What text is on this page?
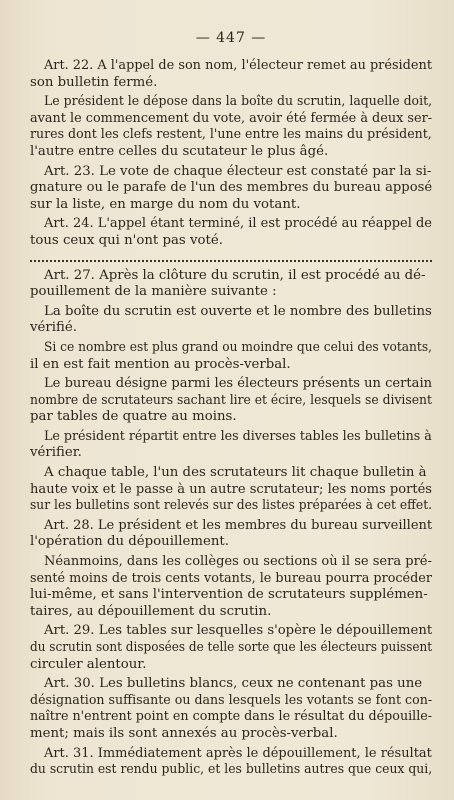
— 447 —
Art. 22. A l'appel de son nom, l'électeur remet au président
son bulletin fermé.
Le président le dépose dans la boîte du scrutin, laquelle doit,
avant le commencement du vote, avoir été fermée à deux ser-
rures dont les clefs restent, l'une entre les mains du président,
l'autre entre celles du scutateur le plus âgé.
Art. 23. Le vote de chaque électeur est constaté par la si-
gnature ou le parafe de l'un des membres du bureau apposé
sur la liste, en marge du nom du votant.
Art. 24. L'appel étant terminé, il est procédé au réappel de
tous ceux qui n'ont pas voté.
Art. 27. Après la clôture du scrutin, il est procédé au dé-
pouillement de la manière suivante :
La boîte du scrutin est ouverte et le nombre des bulletins
vérifié.
Si ce nombre est plus grand ou moindre que celui des votants,
il en est fait mention au procès-verbal.
Le bureau désigne parmi les électeurs présents un certain
nombre de scrutateurs sachant lire et écire, lesquels se divisent
par tables de quatre au moins.
Le président répartit entre les diverses tables les bulletins à
vérifier.
A chaque table, l'un des scrutateurs lit chaque bulletin à
haute voix et le passe à un autre scrutateur; les noms portés
sur les bulletins sont relevés sur des listes préparées à cet effet.
Art. 28. Le président et les membres du bureau surveillent
l'opération du dépouillement.
Néanmoins, dans les collèges ou sections où il se sera pré-
senté moins de trois cents votants, le bureau pourra procéder
lui-même, et sans l'intervention de scrutateurs supplémen-
taires, au dépouillement du scrutin.
Art. 29. Les tables sur lesquelles s'opère le dépouillement
du scrutin sont disposées de telle sorte que les électeurs puissent
circuler alentour.
Art. 30. Les bulletins blancs, ceux ne contenant pas une
désignation suffisante ou dans lesquels les votants se font con-
naître n'entrent point en compte dans le résultat du dépouille-
ment; mais ils sont annexés au procès-verbal.
Art. 31. Immédiatement après le dépouillement, le résultat
du scrutin est rendu public, et les bulletins autres que ceux qui,
